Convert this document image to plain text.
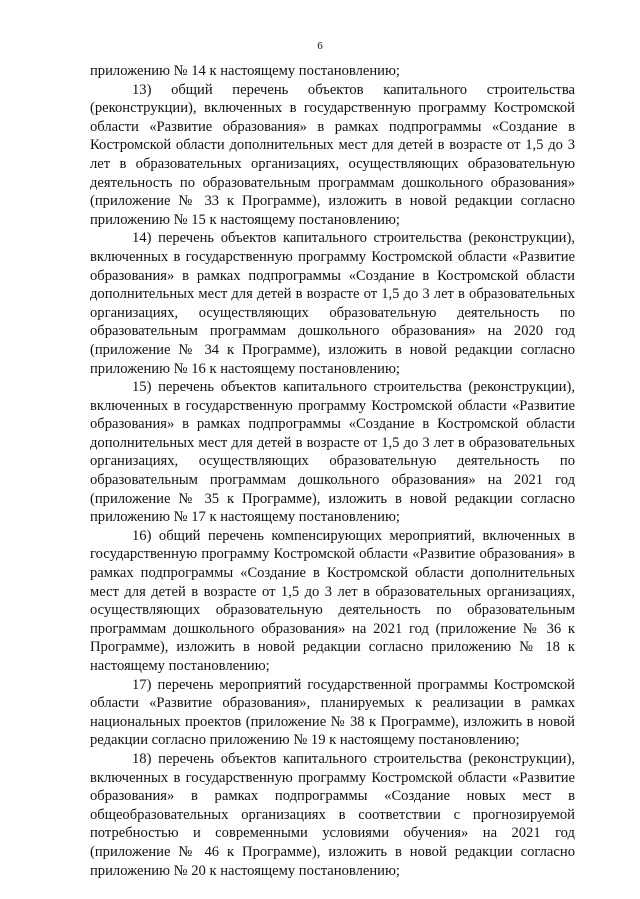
6

приложению № 14 к настоящему постановлению;

13) общий перечень объектов капитального строительства (реконструкции), включенных в государственную программу Костромской области «Развитие образования» в рамках подпрограммы «Создание в Костромской области дополнительных мест для детей в возрасте от 1,5 до 3 лет в образовательных организациях, осуществляющих образовательную деятельность по образовательным программам дошкольного образования» (приложение № 33 к Программе), изложить в новой редакции согласно приложению № 15 к настоящему постановлению;

14) перечень объектов капитального строительства (реконструкции), включенных в государственную программу Костромской области «Развитие образования» в рамках подпрограммы «Создание в Костромской области дополнительных мест для детей в возрасте от 1,5 до 3 лет в образовательных организациях, осуществляющих образовательную деятельность по образовательным программам дошкольного образования» на 2020 год (приложение № 34 к Программе), изложить в новой редакции согласно приложению № 16 к настоящему постановлению;

15) перечень объектов капитального строительства (реконструкции), включенных в государственную программу Костромской области «Развитие образования» в рамках подпрограммы «Создание в Костромской области дополнительных мест для детей в возрасте от 1,5 до 3 лет в образовательных организациях, осуществляющих образовательную деятельность по образовательным программам дошкольного образования» на 2021 год (приложение № 35 к Программе), изложить в новой редакции согласно приложению № 17 к настоящему постановлению;

16) общий перечень компенсирующих мероприятий, включенных в государственную программу Костромской области «Развитие образования» в рамках подпрограммы «Создание в Костромской области дополнительных мест для детей в возрасте от 1,5 до 3 лет в образовательных организациях, осуществляющих образовательную деятельность по образовательным программам дошкольного образования» на 2021 год (приложение № 36 к Программе), изложить в новой редакции согласно приложению № 18 к настоящему постановлению;

17) перечень мероприятий государственной программы Костромской области «Развитие образования», планируемых к реализации в рамках национальных проектов (приложение № 38 к Программе), изложить в новой редакции согласно приложению № 19 к настоящему постановлению;

18) перечень объектов капитального строительства (реконструкции), включенных в государственную программу Костромской области «Развитие образования» в рамках подпрограммы «Создание новых мест в общеобразовательных организациях в соответствии с прогнозируемой потребностью и современными условиями обучения» на 2021 год (приложение № 46 к Программе), изложить в новой редакции согласно приложению № 20 к настоящему постановлению;
